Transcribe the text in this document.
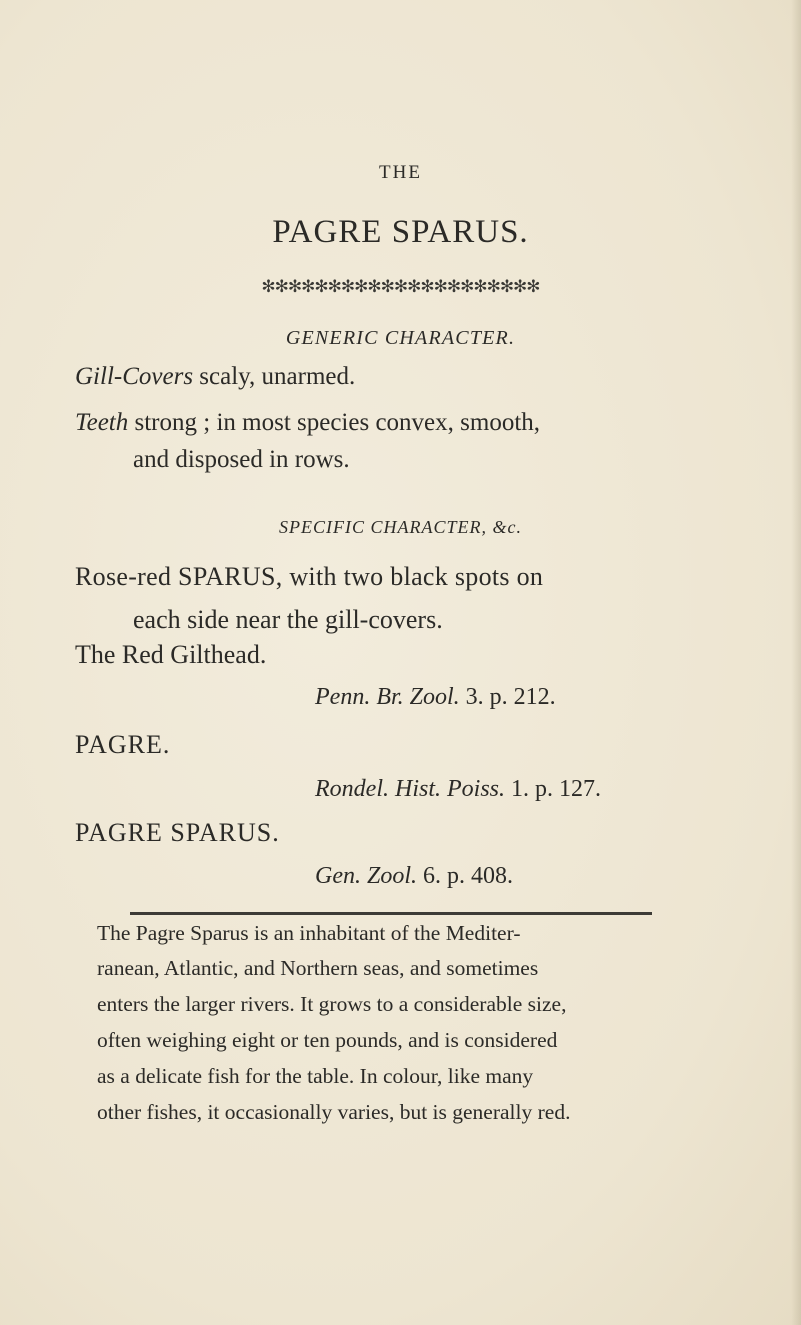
THE
PAGRE SPARUS.
✻✻✻✻✻✻✻✻✻✻✻✻✻✻✻✻✻✻✻✻✻
GENERIC CHARACTER.
Gill-Covers scaly, unarmed.
Teeth strong ; in most species convex, smooth,
and disposed in rows.
SPECIFIC CHARACTER, &c.
Rose-red SPARUS, with two black spots on
each side near the gill-covers.
The Red Gilthead.
Penn. Br. Zool. 3. p. 212.
PAGRE.
Rondel. Hist. Poiss. 1. p. 127.
PAGRE SPARUS.
Gen. Zool. 6. p. 408.
The Pagre Sparus is an inhabitant of the Mediter-
ranean, Atlantic, and Northern seas, and sometimes
enters the larger rivers. It grows to a considerable size,
often weighing eight or ten pounds, and is considered
as a delicate fish for the table. In colour, like many
other fishes, it occasionally varies, but is generally red.
